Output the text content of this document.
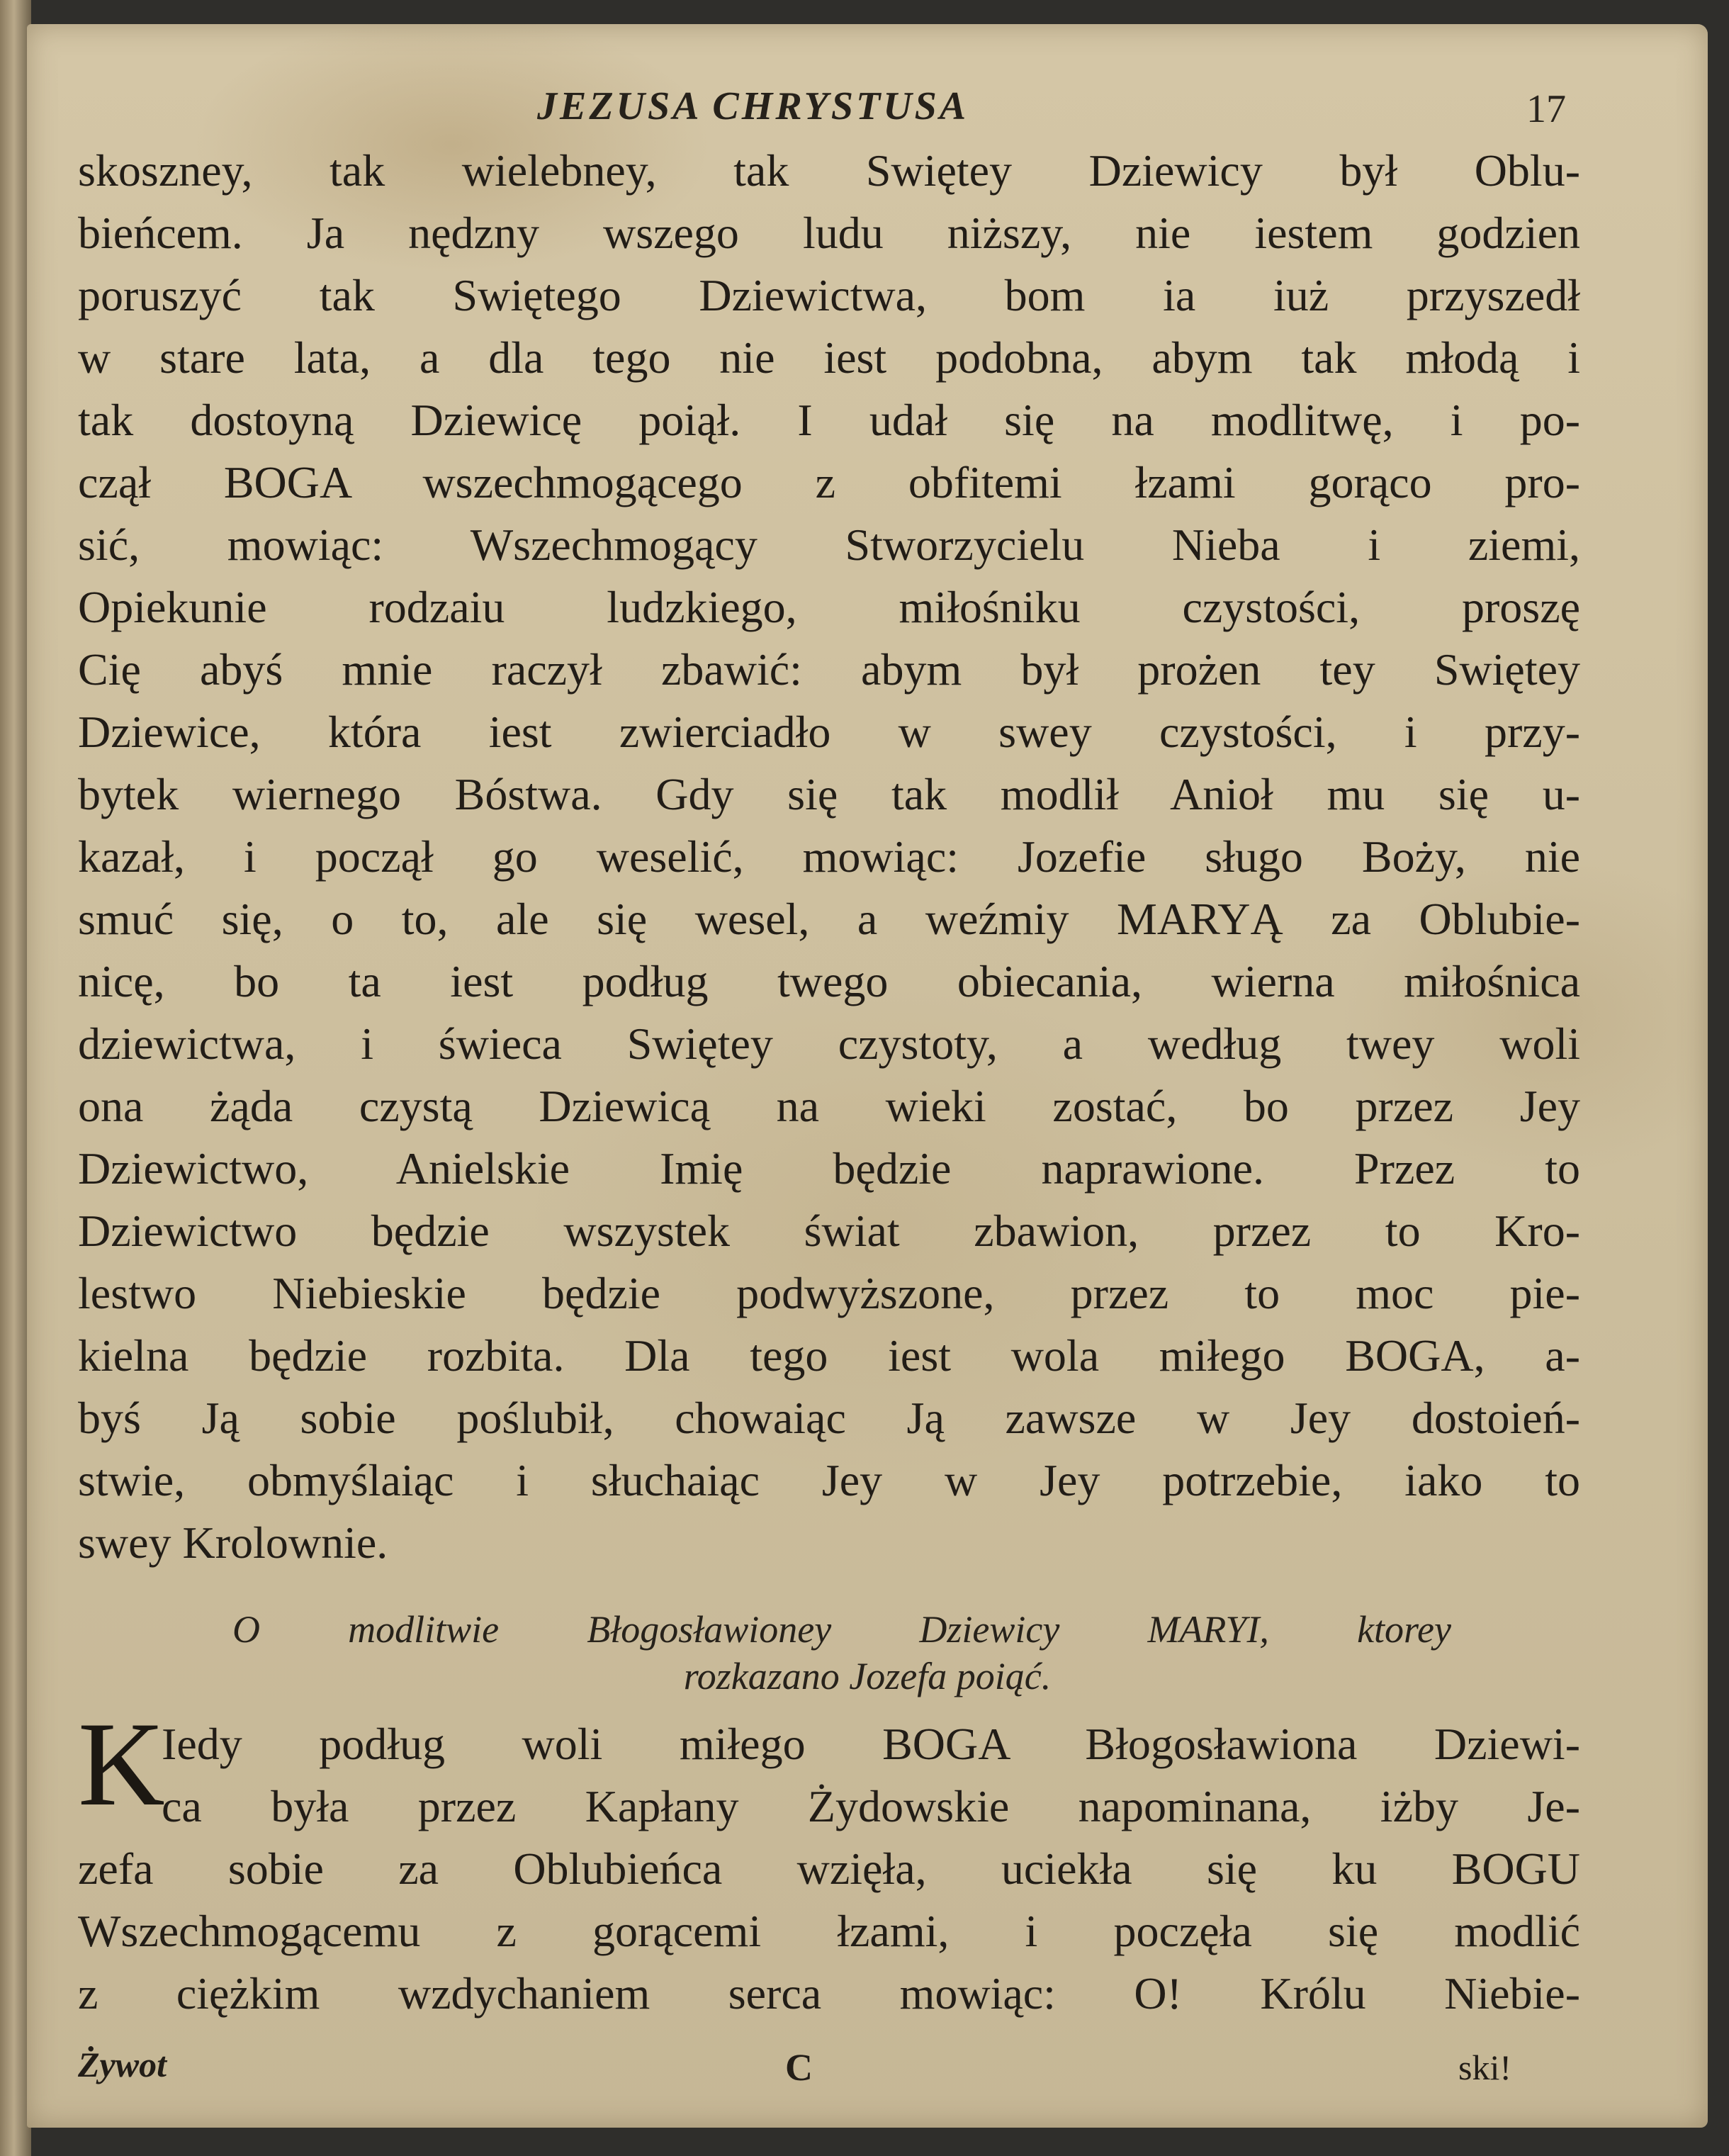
JEZUSA CHRYSTUSA	17
skoszney, tak wielebney, tak Swiętey Dziewicy był Oblu-
bieńcem. Ja nędzny wszego ludu niższy, nie iestem godzien
poruszyć tak Swiętego Dziewictwa, bom ia iuż przyszedł
w stare lata, a dla tego nie iest podobna, abym tak młodą i
tak dostoyną Dziewicę poiął. I udał się na modlitwę, i po-
czął BOGA wszechmogącego z obfitemi łzami gorąco pro-
sić, mowiąc: Wszechmogący Stworzycielu Nieba i ziemi,
Opiekunie rodzaiu ludzkiego, miłośniku czystości, proszę
Cię abyś mnie raczył zbawić: abym był prożen tey Swiętey
Dziewice, która iest zwierciadło w swey czystości, i przy-
bytek wiernego Bóstwa. Gdy się tak modlił Anioł mu się u-
kazał, i począł go weselić, mowiąc: Jozefie sługo Boży, nie
smuć się, o to, ale się wesel, a weźmiy MARYĄ za Oblubie-
nicę, bo ta iest podług twego obiecania, wierna miłośnica
dziewictwa, i świeca Swiętey czystoty, a według twey woli
ona żąda czystą Dziewicą na wieki zostać, bo przez Jey
Dziewictwo, Anielskie Imię będzie naprawione. Przez to
Dziewictwo będzie wszystek świat zbawion, przez to Kro-
lestwo Niebieskie będzie podwyższone, przez to moc pie-
kielna będzie rozbita. Dla tego iest wola miłego BOGA, a-
byś Ją sobie poślubił, chowaiąc Ją zawsze w Jey dostoień-
stwie, obmyślaiąc i słuchaiąc Jey w Jey potrzebie, iako to
swey Krolownie.
O modlitwie Błogosławioney Dziewicy MARYI, ktorey
rozkazano Jozefa poiąć.
K
Iedy podług woli miłego BOGA Błogosławiona Dziewi-
ca była przez Kapłany Żydowskie napominana, iżby Je-
zefa sobie za Oblubieńca wzięła, uciekła się ku BOGU
Wszechmogącemu z gorącemi łzami, i poczęła się modlić
z ciężkim wzdychaniem serca mowiąc: O! Królu Niebie-
Żywot	C	ski!
